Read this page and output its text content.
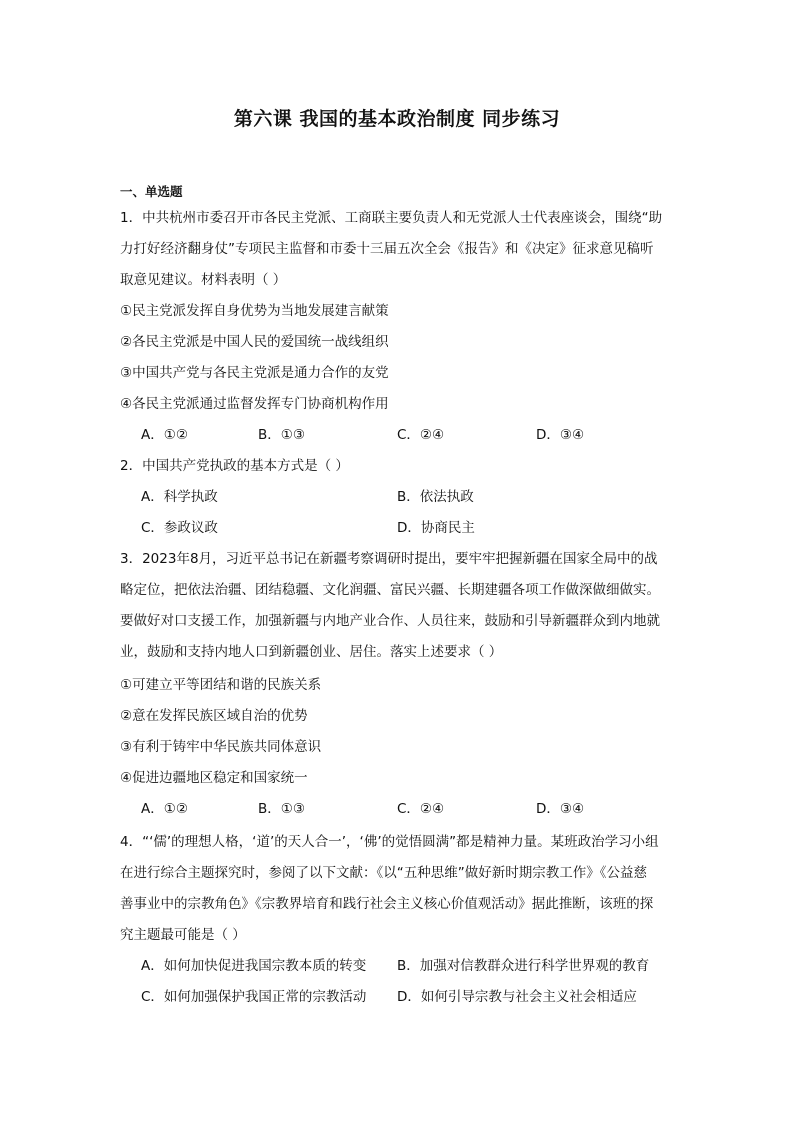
第六课 我国的基本政治制度 同步练习
一、单选题
1．中共杭州市委召开市各民主党派、工商联主要负责人和无党派人士代表座谈会，围绕“助
力打好经济翻身仗”专项民主监督和市委十三届五次全会《报告》和《决定》征求意见稿听
取意见建议。材料表明（ ）
①民主党派发挥自身优势为当地发展建言献策
②各民主党派是中国人民的爱国统一战线组织
③中国共产党与各民主党派是通力合作的友党
④各民主党派通过监督发挥专门协商机构作用
A．①②	B．①③	C．②④	D．③④
2．中国共产党执政的基本方式是（ ）
A．科学执政	B．依法执政
C．参政议政	D．协商民主
3．2023年8月，习近平总书记在新疆考察调研时提出，要牢牢把握新疆在国家全局中的战
略定位，把依法治疆、团结稳疆、文化润疆、富民兴疆、长期建疆各项工作做深做细做实。
要做好对口支援工作，加强新疆与内地产业合作、人员往来，鼓励和引导新疆群众到内地就
业，鼓励和支持内地人口到新疆创业、居住。落实上述要求（ ）
①可建立平等团结和谐的民族关系
②意在发挥民族区域自治的优势
③有利于铸牢中华民族共同体意识
④促进边疆地区稳定和国家统一
A．①②	B．①③	C．②④	D．③④
4．“‘儒’的理想人格，‘道’的天人合一’，‘佛’的觉悟圆满”都是精神力量。某班政治学习小组
在进行综合主题探究时，参阅了以下文献：《以“五种思维”做好新时期宗教工作》《公益慈
善事业中的宗教角色》《宗教界培育和践行社会主义核心价值观活动》据此推断，该班的探
究主题最可能是（ ）
A．如何加快促进我国宗教本质的转变 B．加强对信教群众进行科学世界观的教育
C．如何加强保护我国正常的宗教活动 D．如何引导宗教与社会主义社会相适应
